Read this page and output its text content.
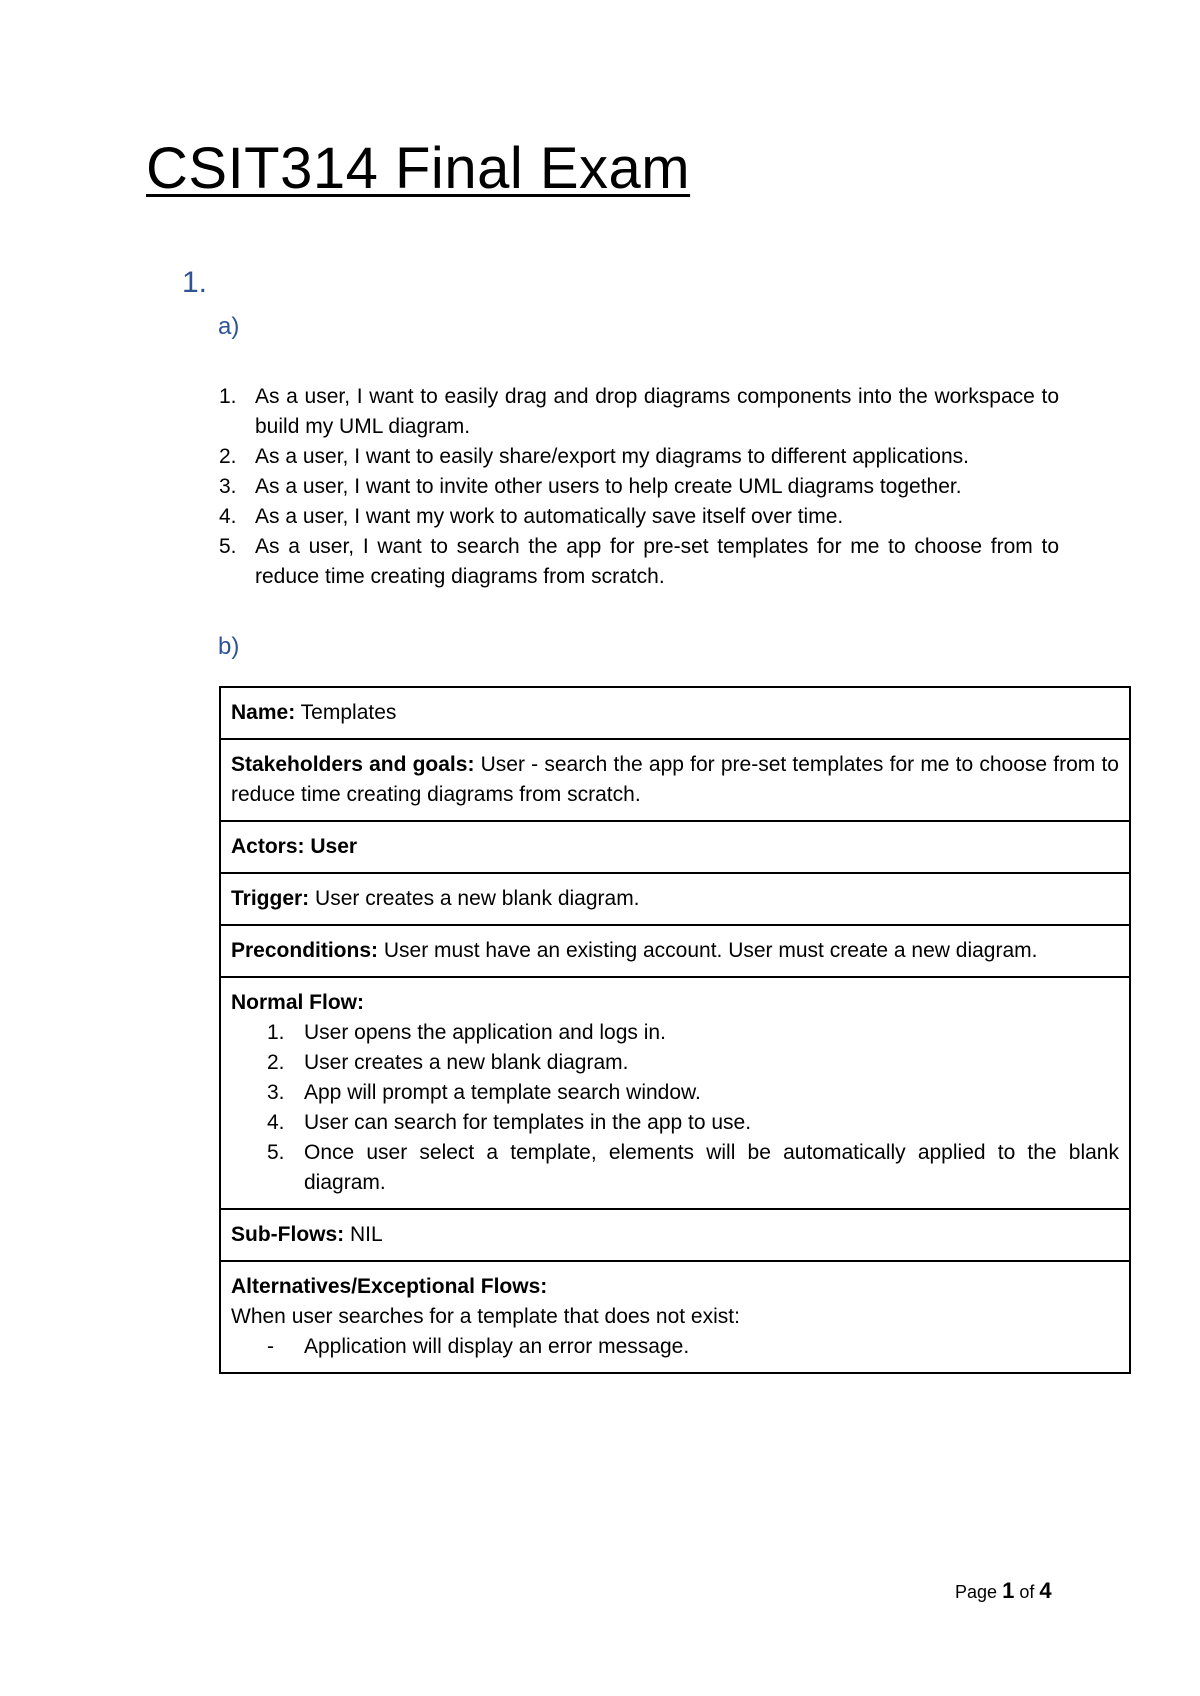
CSIT314 Final Exam
1.
a)
1. As a user, I want to easily drag and drop diagrams components into the workspace to build my UML diagram.
2. As a user, I want to easily share/export my diagrams to different applications.
3. As a user, I want to invite other users to help create UML diagrams together.
4. As a user, I want my work to automatically save itself over time.
5. As a user, I want to search the app for pre-set templates for me to choose from to reduce time creating diagrams from scratch.
b)
Name: Templates
Stakeholders and goals: User - search the app for pre-set templates for me to choose from to reduce time creating diagrams from scratch.
Actors: User
Trigger: User creates a new blank diagram.
Preconditions: User must have an existing account. User must create a new diagram.

Normal Flow:
1. User opens the application and logs in.
2. User creates a new blank diagram.
3. App will prompt a template search window.
4. User can search for templates in the app to use.
5. Once user select a template, elements will be automatically applied to the blank diagram.

Sub-Flows: NIL

Alternatives/Exceptional Flows:
When user searches for a template that does not exist:
- Application will display an error message.
Page 1 of 4
